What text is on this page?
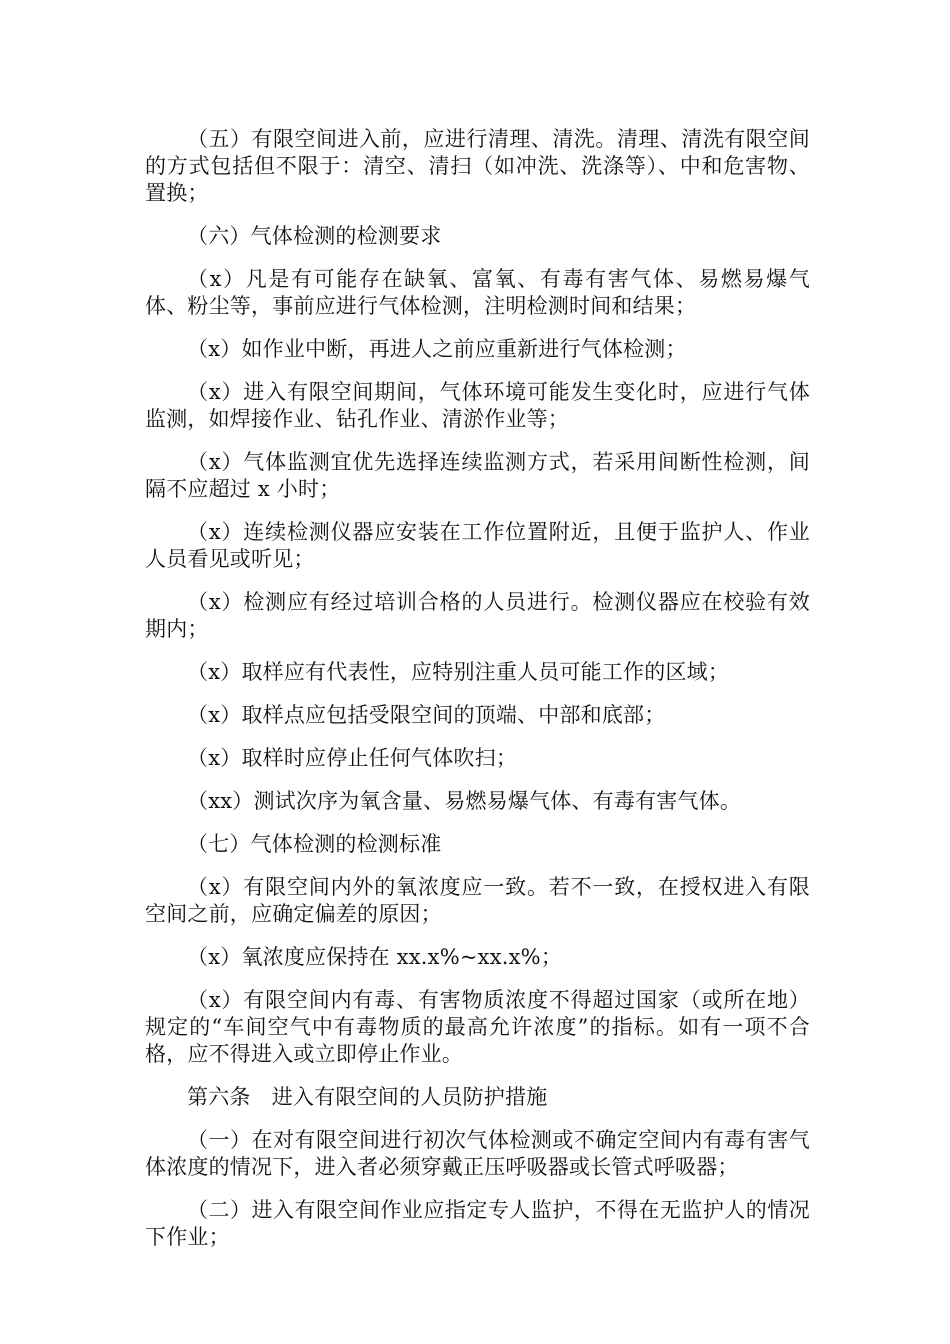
（五）有限空间进入前，应进行清理、清洗。清理、清洗有限空间的方式包括但不限于：清空、清扫（如冲洗、洗涤等）、中和危害物、置换；

（六）气体检测的检测要求

（x）凡是有可能存在缺氧、富氧、有毒有害气体、易燃易爆气体、粉尘等，事前应进行气体检测，注明检测时间和结果；

（x）如作业中断，再进人之前应重新进行气体检测；

（x）进入有限空间期间，气体环境可能发生变化时，应进行气体监测，如焊接作业、钻孔作业、清淤作业等；

（x）气体监测宜优先选择连续监测方式，若采用间断性检测，间隔不应超过 x 小时；

（x）连续检测仪器应安装在工作位置附近，且便于监护人、作业人员看见或听见；

（x）检测应有经过培训合格的人员进行。检测仪器应在校验有效期内；

（x）取样应有代表性，应特别注重人员可能工作的区域；

（x）取样点应包括受限空间的顶端、中部和底部；

（x）取样时应停止任何气体吹扫；

（xx）测试次序为氧含量、易燃易爆气体、有毒有害气体。

（七）气体检测的检测标准

（x）有限空间内外的氧浓度应一致。若不一致，在授权进入有限空间之前，应确定偏差的原因；

（x）氧浓度应保持在 xx.x%~xx.x%；

（x）有限空间内有毒、有害物质浓度不得超过国家（或所在地）规定的“车间空气中有毒物质的最高允许浓度”的指标。如有一项不合格，应不得进入或立即停止作业。

第六条　进入有限空间的人员防护措施

（一）在对有限空间进行初次气体检测或不确定空间内有毒有害气体浓度的情况下，进入者必须穿戴正压呼吸器或长管式呼吸器；

（二）进入有限空间作业应指定专人监护，不得在无监护人的情况下作业；
